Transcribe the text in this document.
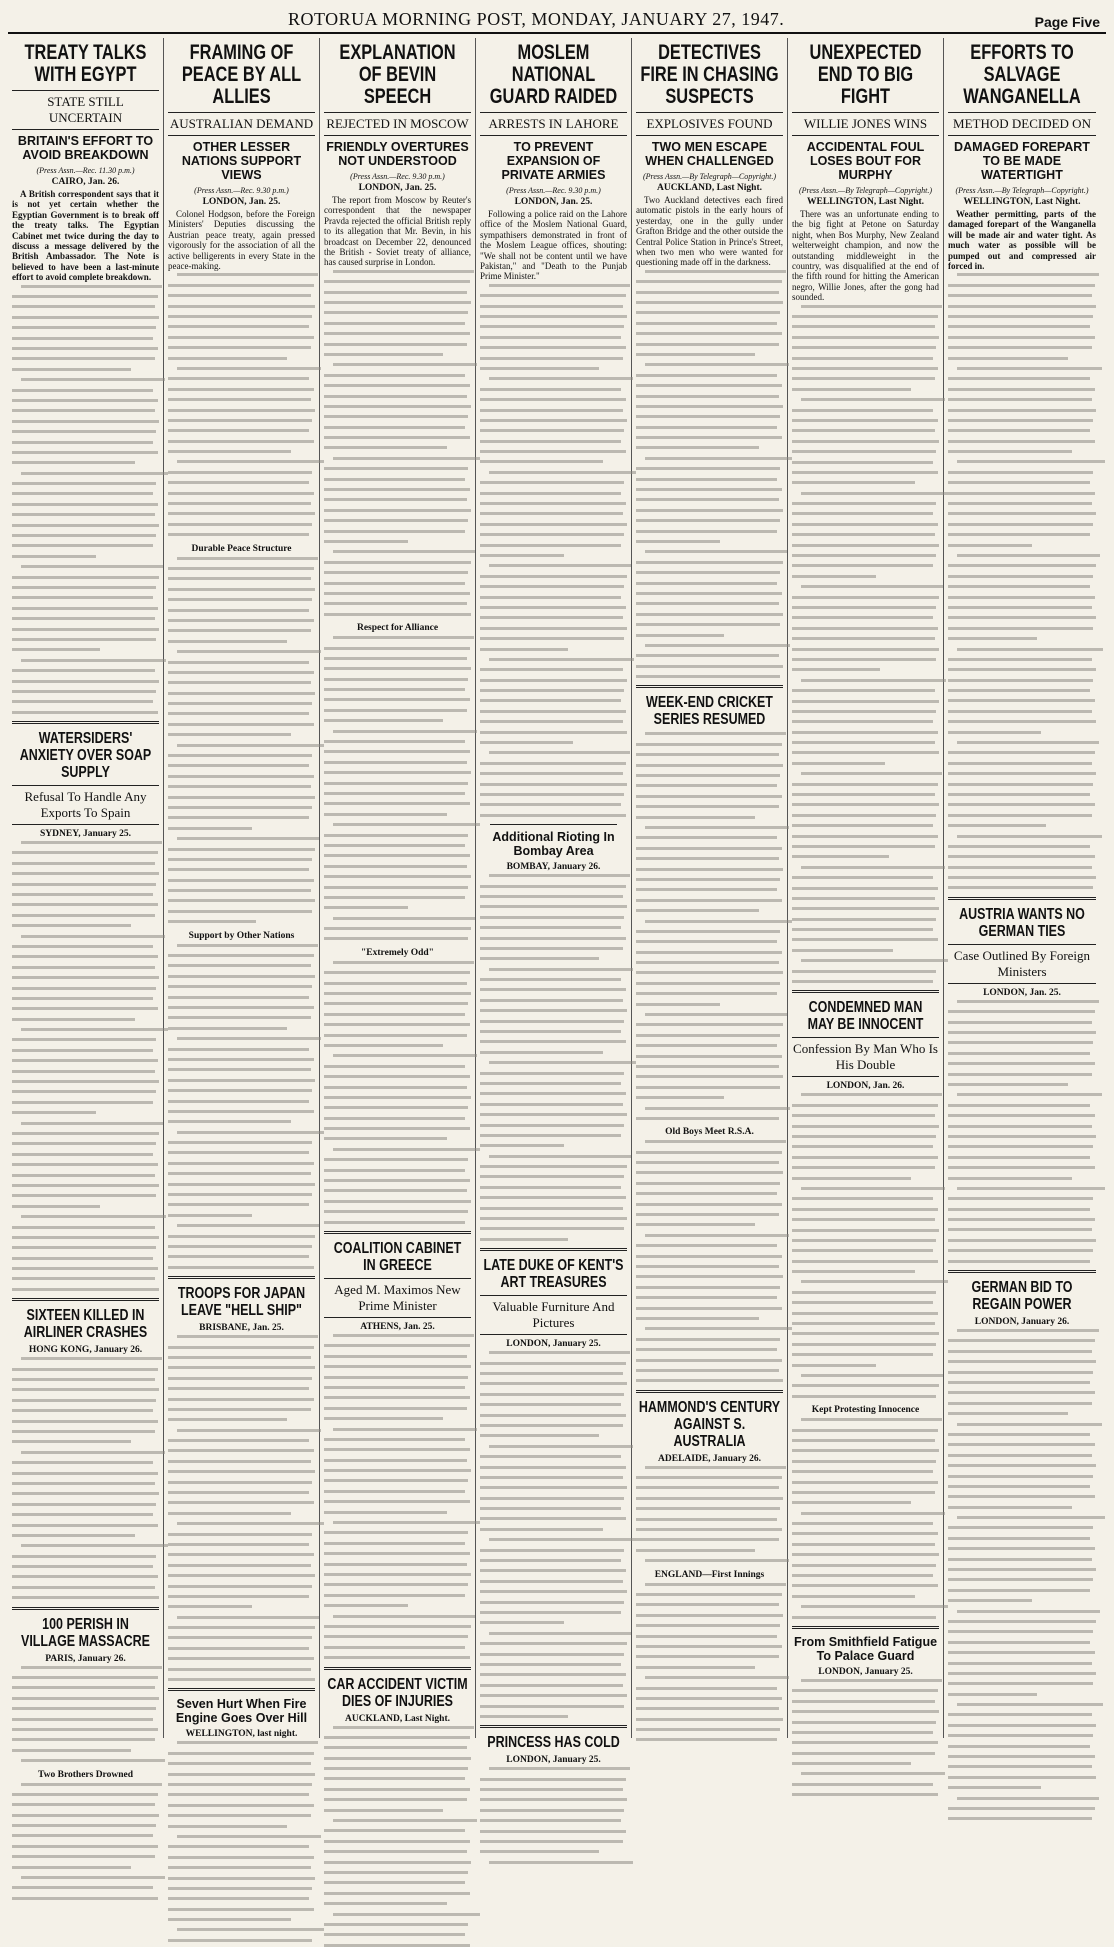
ROTORUA MORNING POST, MONDAY, JANUARY 27, 1947.	Page Five
TREATY TALKS WITH EGYPT
STATE STILL UNCERTAIN
BRITAIN'S EFFORT TO AVOID BREAKDOWN
(Press Assn.—Rec. 11.30 p.m.)
CAIRO, Jan. 26.

A British correspondent says that it is not yet certain whether the Egyptian Government is to break off the treaty talks. The Egyptian Cabinet met twice during the day to discuss a message delivered by the British Ambassador. The Note is believed to have been a last-minute effort to avoid complete breakdown.

WATERSIDERS' ANXIETY OVER SOAP SUPPLY
Refusal To Handle Any Exports To Spain
SYDNEY, January 25.
SIXTEEN KILLED IN AIRLINER CRASHES
HONG KONG, January 26.
100 PERISH IN VILLAGE MASSACRE
PARIS, January 26.
Two Brothers Drowned
FRAMING OF PEACE BY ALL ALLIES
AUSTRALIAN DEMAND
OTHER LESSER NATIONS SUPPORT VIEWS
(Press Assn.—Rec. 9.30 p.m.)
LONDON, Jan. 25.

Colonel Hodgson, before the Foreign Ministers' Deputies discussing the Austrian peace treaty, again pressed vigorously for the association of all the active belligerents in every State in the peace-making.

Durable Peace Structure
Support by Other Nations
TROOPS FOR JAPAN LEAVE "HELL SHIP"
BRISBANE, Jan. 25.
Seven Hurt When Fire Engine Goes Over Hill
WELLINGTON, last night.
EXPLANATION OF BEVIN SPEECH
REJECTED IN MOSCOW
FRIENDLY OVERTURES NOT UNDERSTOOD
(Press Assn.—Rec. 9.30 p.m.)
LONDON, Jan. 25.

The report from Moscow by Reuter's correspondent that the newspaper Pravda rejected the official British reply to its allegation that Mr. Bevin, in his broadcast on December 22, denounced the British - Soviet treaty of alliance, has caused surprise in London.

Respect for Alliance
"Extremely Odd"
COALITION CABINET IN GREECE
Aged M. Maximos New Prime Minister
ATHENS, Jan. 25.
CAR ACCIDENT VICTIM DIES OF INJURIES
AUCKLAND, Last Night.
MOSLEM NATIONAL GUARD RAIDED
ARRESTS IN LAHORE
TO PREVENT EXPANSION OF PRIVATE ARMIES
(Press Assn.—Rec. 9.30 p.m.)
LONDON, Jan. 25.

Following a police raid on the Lahore office of the Moslem National Guard, sympathisers demonstrated in front of the Moslem League offices, shouting: "We shall not be content until we have Pakistan," and "Death to the Punjab Prime Minister."

Additional Rioting In Bombay Area
BOMBAY, January 26.
LATE DUKE OF KENT'S ART TREASURES
Valuable Furniture And Pictures
LONDON, January 25.
PRINCESS HAS COLD
LONDON, January 25.
DETECTIVES FIRE IN CHASING SUSPECTS
EXPLOSIVES FOUND
TWO MEN ESCAPE WHEN CHALLENGED
(Press Assn.—By Telegraph—Copyright.)
AUCKLAND, Last Night.

Two Auckland detectives each fired automatic pistols in the early hours of yesterday, one in the gully under Grafton Bridge and the other outside the Central Police Station in Prince's Street, when two men who were wanted for questioning made off in the darkness.

WEEK-END CRICKET SERIES RESUMED
Old Boys Meet R.S.A.
HAMMOND'S CENTURY AGAINST S. AUSTRALIA
ADELAIDE, January 26.
ENGLAND—First Innings
UNEXPECTED END TO BIG FIGHT
WILLIE JONES WINS
ACCIDENTAL FOUL LOSES BOUT FOR MURPHY
(Press Assn.—By Telegraph—Copyright.)
WELLINGTON, Last Night.

There was an unfortunate ending to the big fight at Petone on Saturday night, when Bos Murphy, New Zealand welterweight champion, and now the outstanding middleweight in the country, was disqualified at the end of the fifth round for hitting the American negro, Willie Jones, after the gong had sounded.

CONDEMNED MAN MAY BE INNOCENT
Confession By Man Who Is His Double
LONDON, Jan. 26.
Kept Protesting Innocence
From Smithfield Fatigue To Palace Guard
LONDON, January 25.
EFFORTS TO SALVAGE WANGANELLA
METHOD DECIDED ON
DAMAGED FOREPART TO BE MADE WATERTIGHT
(Press Assn.—By Telegraph—Copyright.)
WELLINGTON, Last Night.

Weather permitting, parts of the damaged forepart of the Wanganella will be made air and water tight. As much water as possible will be pumped out and compressed air forced in.

AUSTRIA WANTS NO GERMAN TIES
Case Outlined By Foreign Ministers
LONDON, Jan. 25.
GERMAN BID TO REGAIN POWER
LONDON, January 26.
